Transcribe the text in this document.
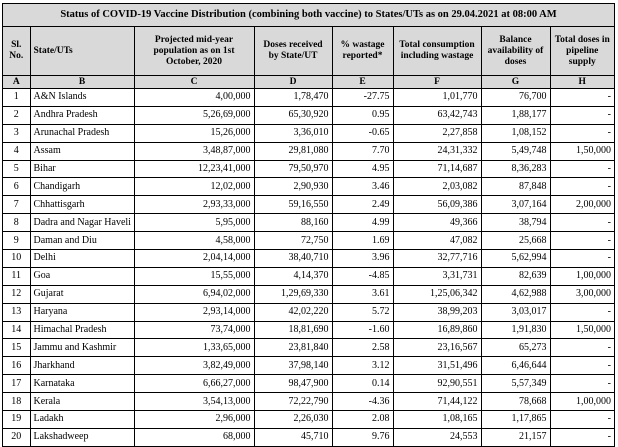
Status of COVID-19 Vaccine Distribution (combining both vaccine) to States/UTs as on 29.04.2021 at 08:00 AM
Sl. No.	State/UTs	Projected mid-year population as on 1st October, 2020	Doses received by State/UT	% wastage reported*	Total consumption including wastage	Balance availability of doses	Total doses in pipeline supply
A	B	C	D	E	F	G	H
1	A&N Islands	4,00,000	1,78,470	-27.75	1,01,770	76,700	-
2	Andhra Pradesh	5,26,69,000	65,30,920	0.95	63,42,743	1,88,177	-
3	Arunachal Pradesh	15,26,000	3,36,010	-0.65	2,27,858	1,08,152	-
4	Assam	3,48,87,000	29,81,080	7.70	24,31,332	5,49,748	1,50,000
5	Bihar	12,23,41,000	79,50,970	4.95	71,14,687	8,36,283	-
6	Chandigarh	12,02,000	2,90,930	3.46	2,03,082	87,848	-
7	Chhattisgarh	2,93,33,000	59,16,550	2.49	56,09,386	3,07,164	2,00,000
8	Dadra and Nagar Haveli	5,95,000	88,160	4.99	49,366	38,794	-
9	Daman and Diu	4,58,000	72,750	1.69	47,082	25,668	-
10	Delhi	2,04,14,000	38,40,710	3.96	32,77,716	5,62,994	-
11	Goa	15,55,000	4,14,370	-4.85	3,31,731	82,639	1,00,000
12	Gujarat	6,94,02,000	1,29,69,330	3.61	1,25,06,342	4,62,988	3,00,000
13	Haryana	2,93,14,000	42,02,220	5.72	38,99,203	3,03,017	-
14	Himachal Pradesh	73,74,000	18,81,690	-1.60	16,89,860	1,91,830	1,50,000
15	Jammu and Kashmir	1,33,65,000	23,81,840	2.58	23,16,567	65,273	-
16	Jharkhand	3,82,49,000	37,98,140	3.12	31,51,496	6,46,644	-
17	Karnataka	6,66,27,000	98,47,900	0.14	92,90,551	5,57,349	-
18	Kerala	3,54,13,000	72,22,790	-4.36	71,44,122	78,668	1,00,000
19	Ladakh	2,96,000	2,26,030	2.08	1,08,165	1,17,865	-
20	Lakshadweep	68,000	45,710	9.76	24,553	21,157	-
